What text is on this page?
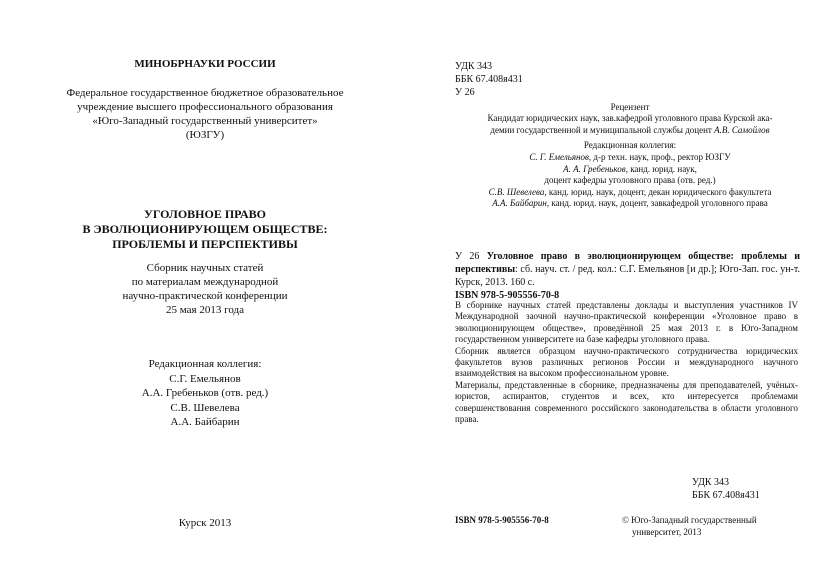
МИНОБРНАУКИ РОССИИ
Федеральное государственное бюджетное образовательное
учреждение высшего профессионального образования
«Юго-Западный государственный университет»
(ЮЗГУ)
УГОЛОВНОЕ ПРАВО
В ЭВОЛЮЦИОНИРУЮЩЕМ ОБЩЕСТВЕ:
ПРОБЛЕМЫ И ПЕРСПЕКТИВЫ
Сборник научных статей
по материалам международной
научно-практической конференции
25 мая 2013 года
Редакционная коллегия:
С.Г. Емельянов
А.А. Гребеньков (отв. ред.)
С.В. Шевелева
А.А. Байбарин
Курск 2013
УДК 343
ББК 67.408я431
У 26
Рецензент
Кандидат юридических наук, зав.кафедрой уголовного права Курской ака-
демии государственной и муниципальной службы доцент А.В. Самойлов
Редакционная коллегия:
С. Г. Емельянов, д-р техн. наук, проф., ректор ЮЗГУ
А. А. Гребеньков, канд. юрид. наук,
доцент кафедры уголовного права (отв. ред.)
С.В. Шевелева, канд. юрид. наук, доцент, декан юридического факультета
А.А. Байбарин, канд. юрид. наук, доцент, завкафедрой уголовного права
У 26 Уголовное право в эволюционирующем обществе: проблемы и перспективы: сб. науч. ст. / ред. кол.: С.Г. Емельянов [и др.]; Юго-Зап. гос. ун-т. Курск, 2013. 160 с.
ISBN 978-5-905556-70-8

В сборнике научных статей представлены доклады и выступления участников IV Международной заочной научно-практической конференции «Уголовное право в эволюционирующем обществе», проведённой 25 мая 2013 г. в Юго-Западном государственном университете на базе кафедры уголовного права.

Сборник является образцом научно-практического сотрудничества юридических факультетов вузов различных регионов России и международного научного взаимодействия на высоком профессиональном уровне.

Материалы, представленные в сборнике, предназначены для преподавателей, учёных-юристов, аспирантов, студентов и всех, кто интересуется проблемами совершенствования современного российского законодательства в области уголовного права.

УДК 343
ББК 67.408я431
ISBN 978-5-905556-70-8	© Юго-Западный государственный
университет, 2013
